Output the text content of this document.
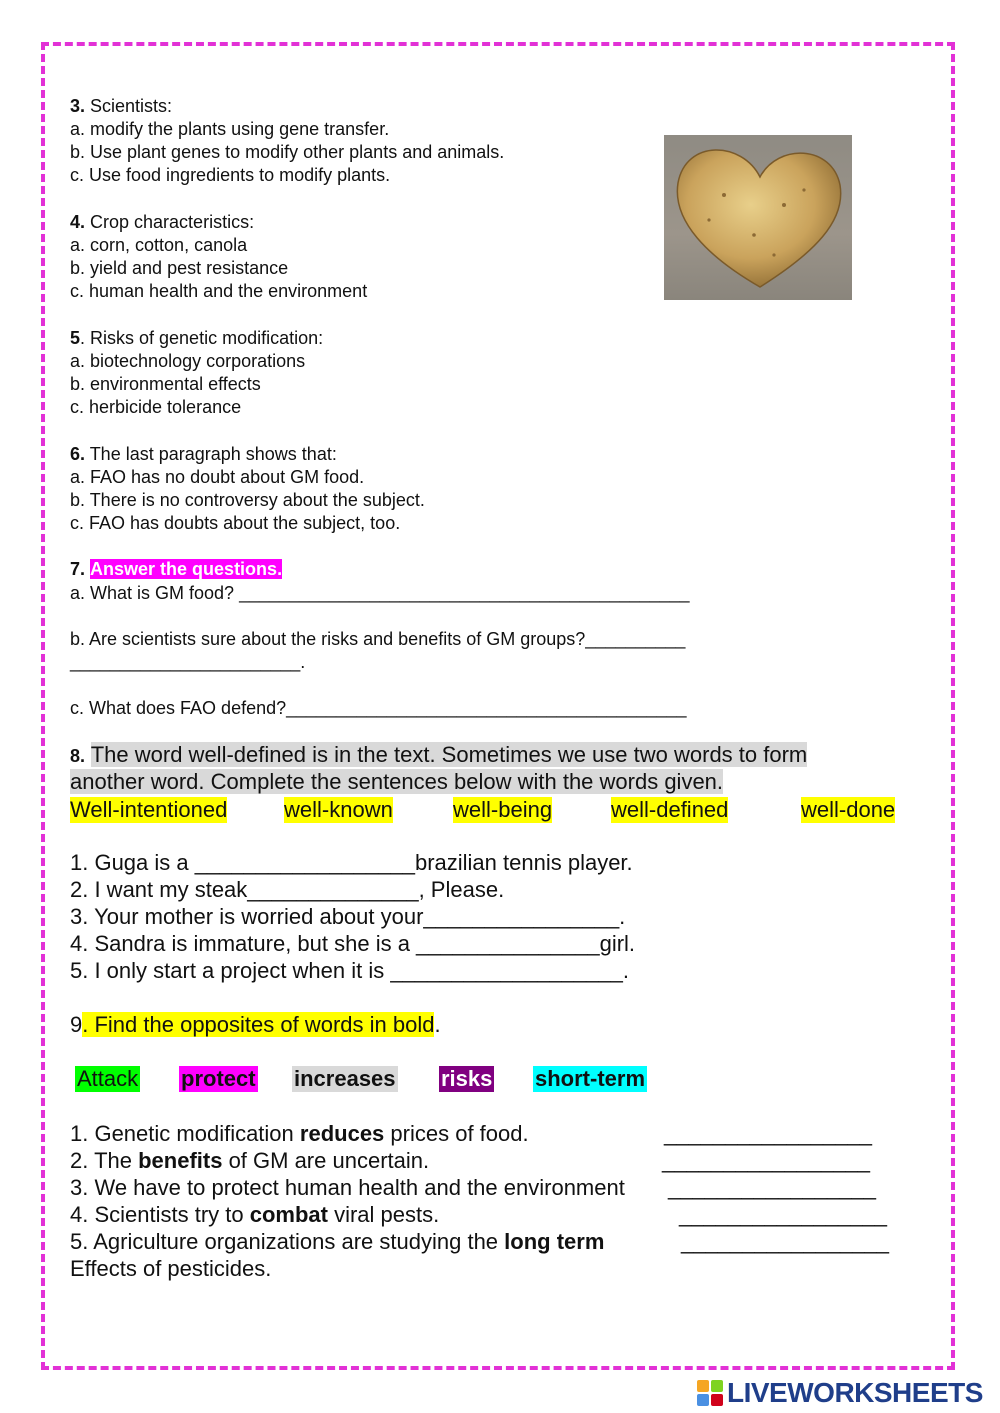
3. Scientists:
a. modify the plants using gene transfer.
b. Use plant genes to modify other plants and animals.
c. Use food ingredients to modify plants.
4. Crop characteristics:
a. corn, cotton, canola
b. yield and pest resistance
c. human health and the environment
5. Risks of genetic modification:
a. biotechnology corporations
b. environmental effects
c. herbicide tolerance
6. The last paragraph shows that:
a. FAO has no doubt about GM food.
b. There is no controversy about the subject.
c. FAO has doubts about the subject, too.
7. Answer the questions.
a. What is GM food? _____________________________________________
b. Are scientists sure about the risks and benefits of GM groups?__________
_______________________.
c. What does FAO defend?________________________________________
8. The word well-defined is in the text. Sometimes we use two words to form
another word. Complete the sentences below with the words given.
Well-intentioned	well-known	well-being	well-defined	well-done
1. Guga is a __________________brazilian tennis player.
2. I want my steak______________, Please.
3. Your mother is worried about your________________.
4. Sandra is immature, but she is a _______________girl.
5. I only start a project when it is ___________________.
9. Find the opposites of words in bold.
Attack protect increases risks short-term
1. Genetic modification reduces prices of food.	_________________
2. The benefits of GM are uncertain.	_________________
3. We have to protect human health and the environment _________________
4. Scientists try to combat viral pests.	_________________
5. Agriculture organizations are studying the long term	_________________
Effects of pesticides.
LIVEWORKSHEETS
